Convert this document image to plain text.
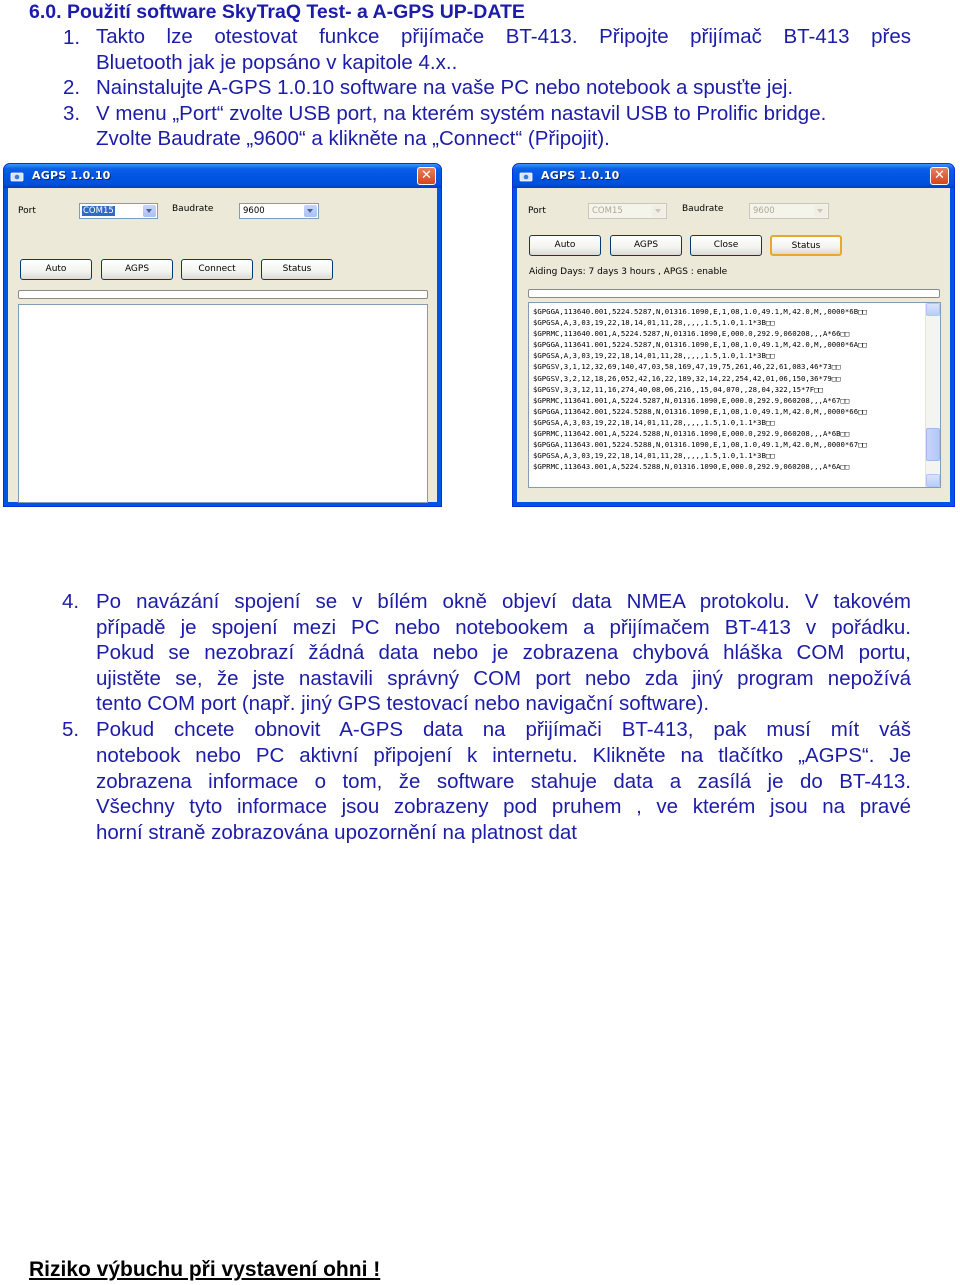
6.0. Použití software SkyTraQ Test- a A-GPS UP-DATE
1. Takto lze otestovat funkce přijímače BT-413. Připojte přijímač BT-413 přes
Bluetooth jak je popsáno v kapitole 4.x..
2. Nainstalujte A-GPS 1.0.10 software na vaše PC nebo notebook a spusťte jej.
3. V menu „Port“ zvolte USB port, na kterém systém nastavil USB to Prolific bridge.
Zvolte Baudrate „9600“ a klikněte na „Connect“ (Připojit).
AGPS 1.0.10	✕
Port	COM15	Baudrate	9600
Auto	AGPS	Connect	Status
AGPS 1.0.10	✕
Port	COM15	Baudrate	9600
Auto	AGPS	Close	Status
Aiding Days: 7 days 3 hours , APGS : enable
$GPGGA,113640.001,5224.5287,N,01316.1090,E,1,08,1.0,49.1,M,42.0,M,,0000*6B□□
$GPGSA,A,3,03,19,22,18,14,01,11,28,,,,,1.5,1.0,1.1*3B□□
$GPRMC,113640.001,A,5224.5287,N,01316.1090,E,000.0,292.9,060208,,,A*66□□
$GPGGA,113641.001,5224.5287,N,01316.1090,E,1,08,1.0,49.1,M,42.0,M,,0000*6A□□
$GPGSA,A,3,03,19,22,18,14,01,11,28,,,,,1.5,1.0,1.1*3B□□
$GPGSV,3,1,12,32,69,140,47,03,58,169,47,19,75,261,46,22,61,083,46*73□□
$GPGSV,3,2,12,18,26,052,42,16,22,189,32,14,22,254,42,01,06,150,36*79□□
$GPGSV,3,3,12,11,16,274,40,08,06,216,,15,04,070,,28,04,322,15*7F□□
$GPRMC,113641.001,A,5224.5287,N,01316.1090,E,000.0,292.9,060208,,,A*67□□
$GPGGA,113642.001,5224.5288,N,01316.1090,E,1,08,1.0,49.1,M,42.0,M,,0000*66□□
$GPGSA,A,3,03,19,22,18,14,01,11,28,,,,,1.5,1.0,1.1*3B□□
$GPRMC,113642.001,A,5224.5288,N,01316.1090,E,000.0,292.9,060208,,,A*6B□□
$GPGGA,113643.001,5224.5288,N,01316.1090,E,1,08,1.0,49.1,M,42.0,M,,0000*67□□
$GPGSA,A,3,03,19,22,18,14,01,11,28,,,,,1.5,1.0,1.1*3B□□
$GPRMC,113643.001,A,5224.5288,N,01316.1090,E,000.0,292.9,060208,,,A*6A□□
4. Po navázání spojení se v bílém okně objeví data NMEA protokolu. V takovém
případě je spojení mezi PC nebo notebookem a přijímačem BT-413 v pořádku.
Pokud se nezobrazí žádná data nebo je zobrazena chybová hláška COM portu,
ujistěte se, že jste nastavili správný COM port nebo zda jiný program nepožívá
tento COM port (např. jiný GPS testovací nebo navigační software).
5. Pokud chcete obnovit A-GPS data na přijímači BT-413, pak musí mít váš
notebook nebo PC aktivní připojení k internetu. Klikněte na tlačítko „AGPS“. Je
zobrazena informace o tom, že software stahuje data a zasílá je do BT-413.
Všechny tyto informace jsou zobrazeny pod pruhem , ve kterém jsou na pravé
horní straně zobrazována upozornění na platnost dat
Riziko výbuchu při vystavení ohni !
